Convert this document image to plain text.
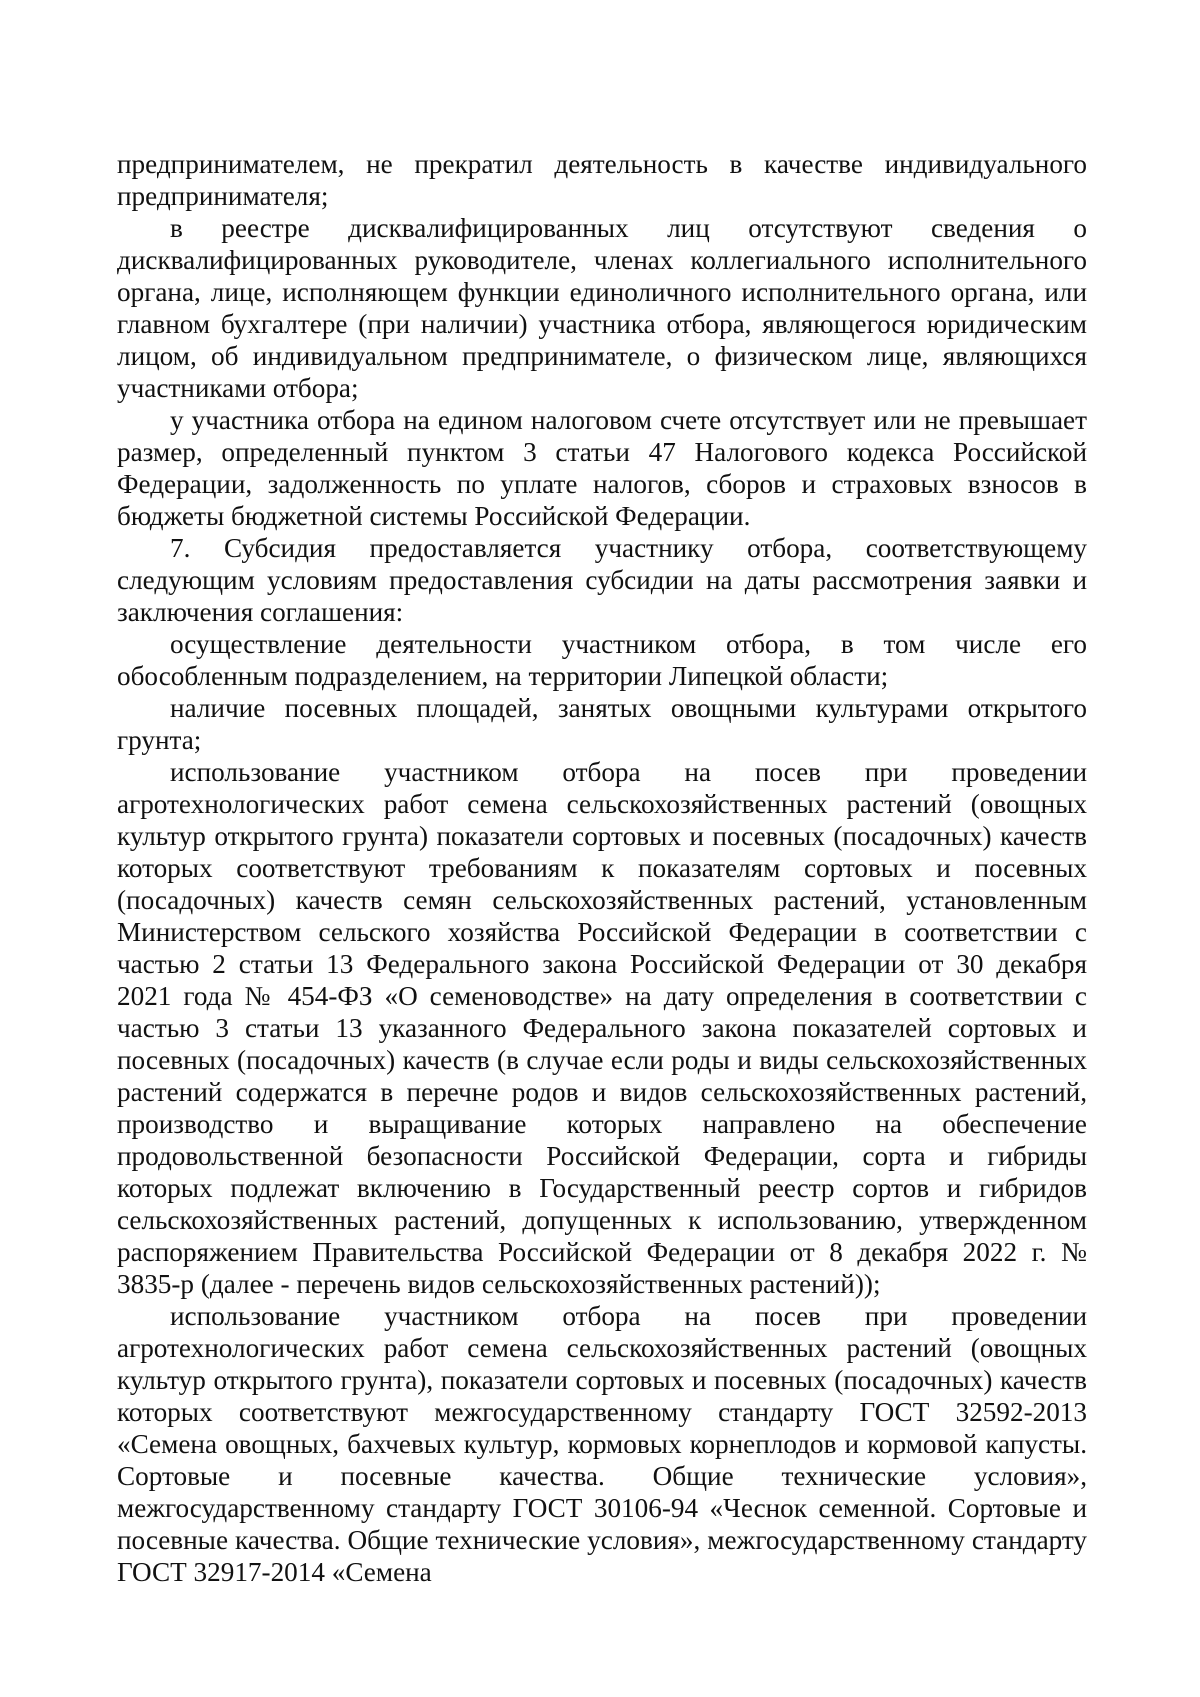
предпринимателем, не прекратил деятельность в качестве индивидуального предпринимателя;

в реестре дисквалифицированных лиц отсутствуют сведения о дисквалифицированных руководителе, членах коллегиального исполнительного органа, лице, исполняющем функции единоличного исполнительного органа, или главном бухгалтере (при наличии) участника отбора, являющегося юридическим лицом, об индивидуальном предпринимателе, о физическом лице, являющихся участниками отбора;

у участника отбора на едином налоговом счете отсутствует или не превышает размер, определенный пунктом 3 статьи 47 Налогового кодекса Российской Федерации, задолженность по уплате налогов, сборов и страховых взносов в бюджеты бюджетной системы Российской Федерации.

7. Субсидия предоставляется участнику отбора, соответствующему следующим условиям предоставления субсидии на даты рассмотрения заявки и заключения соглашения:

осуществление деятельности участником отбора, в том числе его обособленным подразделением, на территории Липецкой области;

наличие посевных площадей, занятых овощными культурами открытого грунта;

использование участником отбора на посев при проведении агротехнологических работ семена сельскохозяйственных растений (овощных культур открытого грунта) показатели сортовых и посевных (посадочных) качеств которых соответствуют требованиям к показателям сортовых и посевных (посадочных) качеств семян сельскохозяйственных растений, установленным Министерством сельского хозяйства Российской Федерации в соответствии с частью 2 статьи 13 Федерального закона Российской Федерации от 30 декабря 2021 года № 454-ФЗ «О семеноводстве» на дату определения в соответствии с частью 3 статьи 13 указанного Федерального закона показателей сортовых и посевных (посадочных) качеств (в случае если роды и виды сельскохозяйственных растений содержатся в перечне родов и видов сельскохозяйственных растений, производство и выращивание которых направлено на обеспечение продовольственной безопасности Российской Федерации, сорта и гибриды которых подлежат включению в Государственный реестр сортов и гибридов сельскохозяйственных растений, допущенных к использованию, утвержденном распоряжением Правительства Российской Федерации от 8 декабря 2022 г. № 3835-р (далее - перечень видов сельскохозяйственных растений));

использование участником отбора на посев при проведении агротехнологических работ семена сельскохозяйственных растений (овощных культур открытого грунта), показатели сортовых и посевных (посадочных) качеств которых соответствуют межгосударственному стандарту ГОСТ 32592-2013 «Семена овощных, бахчевых культур, кормовых корнеплодов и кормовой капусты. Сортовые и посевные качества. Общие технические условия», межгосударственному стандарту ГОСТ 30106-94 «Чеснок семенной. Сортовые и посевные качества. Общие технические условия», межгосударственному стандарту ГОСТ 32917-2014 «Семена
